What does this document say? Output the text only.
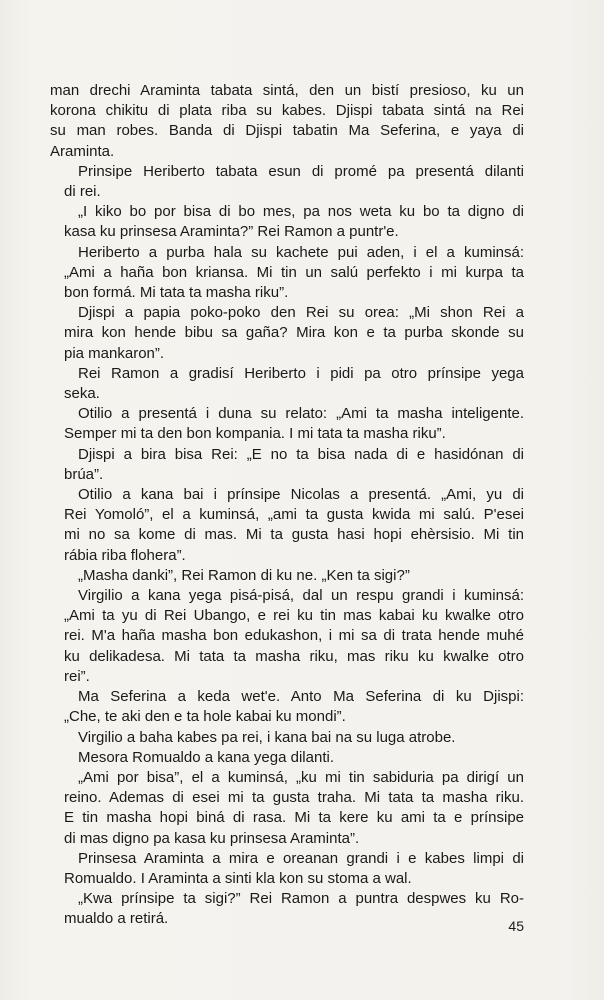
man drechi Araminta tabata sintá, den un bistí presioso, ku un
korona chikitu di plata riba su kabes. Djispi tabata sintá na Rei
su man robes. Banda di Djispi tabatin Ma Seferina, e yaya di
Araminta.
Prinsipe Heriberto tabata esun di promé pa presentá dilanti
di rei.
„I kiko bo por bisa di bo mes, pa nos weta ku bo ta digno di
kasa ku prinsesa Araminta?” Rei Ramon a puntr'e.
Heriberto a purba hala su kachete pui aden, i el a kuminsá:
„Ami a haña bon kriansa. Mi tin un salú perfekto i mi kurpa ta
bon formá. Mi tata ta masha riku”.
Djispi a papia poko-poko den Rei su orea: „Mi shon Rei a
mira kon hende bibu sa gaña? Mira kon e ta purba skonde su
pia mankaron”.
Rei Ramon a gradisí Heriberto i pidi pa otro prínsipe yega
seka.
Otilio a presentá i duna su relato: „Ami ta masha inteligente.
Semper mi ta den bon kompania. I mi tata ta masha riku”.
Djispi a bira bisa Rei: „E no ta bisa nada di e hasidónan di
brúa”.
Otilio a kana bai i prínsipe Nicolas a presentá. „Ami, yu di
Rei Yomoló”, el a kuminsá, „ami ta gusta kwida mi salú. P'esei
mi no sa kome di mas. Mi ta gusta hasi hopi ehèrsisio. Mi tin
rábia riba flohera”.
„Masha danki”, Rei Ramon di ku ne. „Ken ta sigi?”
Virgilio a kana yega pisá-pisá, dal un respu grandi i kuminsá:
„Ami ta yu di Rei Ubango, e rei ku tin mas kabai ku kwalke otro
rei. M'a haña masha bon edukashon, i mi sa di trata hende muhé
ku delikadesa. Mi tata ta masha riku, mas riku ku kwalke otro
rei”.
Ma Seferina a keda wet'e. Anto Ma Seferina di ku Djispi:
„Che, te aki den e ta hole kabai ku mondi”.
Virgilio a baha kabes pa rei, i kana bai na su luga atrobe.
Mesora Romualdo a kana yega dilanti.
„Ami por bisa”, el a kuminsá, „ku mi tin sabiduria pa dirigí un
reino. Ademas di esei mi ta gusta traha. Mi tata ta masha riku.
E tin masha hopi biná di rasa. Mi ta kere ku ami ta e prínsipe
di mas digno pa kasa ku prinsesa Araminta”.
Prinsesa Araminta a mira e oreanan grandi i e kabes limpi di
Romualdo. I Araminta a sinti kla kon su stoma a wal.
„Kwa prínsipe ta sigi?” Rei Ramon a puntra despwes ku Ro-
mualdo a retirá.	45
